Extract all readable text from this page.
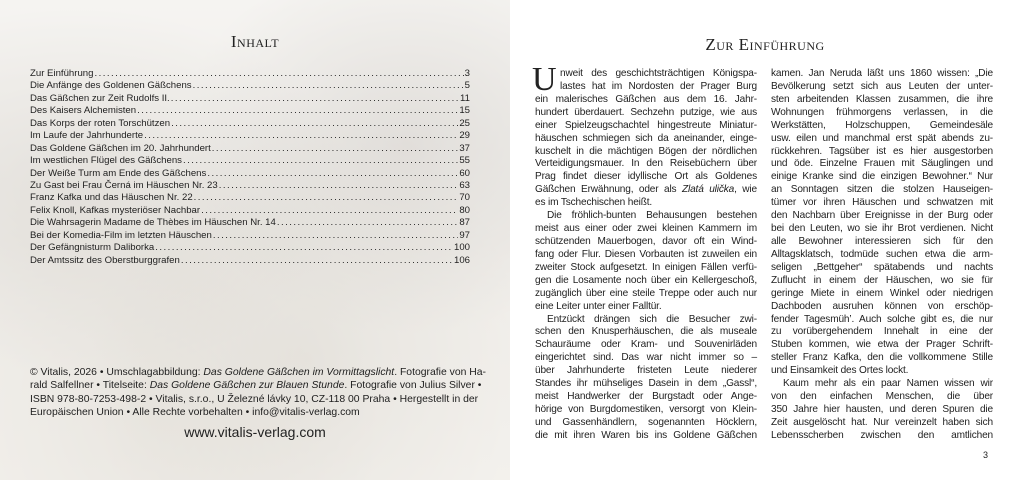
Inhalt
Zur Einführung . . .	3
Die Anfänge des Goldenen Gäßchens . . .	5
Das Gäßchen zur Zeit Rudolfs II. . . .	11
Des Kaisers Alchemisten . . .	15
Das Korps der roten Torschützen . . .	25
Im Laufe der Jahrhunderte . . .	29
Das Goldene Gäßchen im 20. Jahrhundert . . .	37
Im westlichen Flügel des Gäßchens . . .	55
Der Weiße Turm am Ende des Gäßchens . . .	60
Zu Gast bei Frau Černá im Häuschen Nr. 23 . . .	63
Franz Kafka und das Häuschen Nr. 22 . . .	70
Felix Knoll, Kafkas mysteriöser Nachbar . . .	80
Die Wahrsagerin Madame de Thèbes im Häuschen Nr. 14 . . .	87
Bei der Komedia-Film im letzten Häuschen . . .	97
Der Gefängnisturm Daliborka . . .	100
Der Amtssitz des Oberstburggrafen . . .	106
© Vitalis, 2026 • Umschlagabbildung: Das Goldene Gäßchen im Vormittagslicht. Fotografie von Ha-
rald Salfellner • Titelseite: Das Goldene Gäßchen zur Blauen Stunde. Fotografie von Julius Silver •
ISBN 978-80-7253-498-2 • Vitalis, s.r.o., U Železné lávky 10, CZ-118 00 Praha • Hergestellt in der
Europäischen Union • Alle Rechte vorbehalten • info@vitalis-verlag.com
www.vitalis-verlag.com
Zur Einführung
U nweit des geschichtsträchtigen Königspa-
lastes hat im Nordosten der Prager Burg
ein malerisches Gäßchen aus dem 16. Jahr-
hundert überdauert. Sechzehn putzige, wie aus
einer Spielzeugschachtel hingestreute Miniatur-
häuschen schmiegen sich da aneinander, einge-
kuschelt in die mächtigen Bögen der nördlichen
Verteidigungsmauer. In den Reisebüchern über
Prag findet dieser idyllische Ort als Goldenes
Gäßchen Erwähnung, oder als Zlatá ulička, wie
es im Tschechischen heißt.
Die fröhlich-bunten Behausungen bestehen
meist aus einer oder zwei kleinen Kammern im
schützenden Mauerbogen, davor oft ein Wind-
fang oder Flur. Diesen Vorbauten ist zuweilen ein
zweiter Stock aufgesetzt. In einigen Fällen verfü-
gen die Losamente noch über ein Kellergeschoß,
zugänglich über eine steile Treppe oder auch nur
eine Leiter unter einer Falltür.
Entzückt drängen sich die Besucher zwi-
schen den Knusperhäuschen, die als museale
Schauräume oder Kram- und Souvenirläden
eingerichtet sind. Das war nicht immer so –
über Jahrhunderte fristeten Leute niederer
Standes ihr mühseliges Dasein in dem „Gassl“,
meist Handwerker der Burgstadt oder Ange-
hörige von Burgdomestiken, versorgt von Klein-
und Gassenhändlern, sogenannten Höcklern,
die mit ihren Waren bis ins Goldene Gäßchen
kamen. Jan Neruda läßt uns 1860 wissen: „Die
Bevölkerung setzt sich aus Leuten der unter-
sten arbeitenden Klassen zusammen, die ihre
Wohnungen frühmorgens verlassen, in die
Werkstätten, Holzschuppen, Gemeindesäle
usw. eilen und manchmal erst spät abends zu-
rückkehren. Tagsüber ist es hier ausgestorben
und öde. Einzelne Frauen mit Säuglingen und
einige Kranke sind die einzigen Bewohner.“ Nur
an Sonntagen sitzen die stolzen Hauseigen-
tümer vor ihren Häuschen und schwatzen mit
den Nachbarn über Ereignisse in der Burg oder
bei den Leuten, wo sie ihr Brot verdienen. Nicht
alle Bewohner interessieren sich für den
Alltagsklatsch, todmüde suchen etwa die arm-
seligen „Bettgeher“ spätabends und nachts
Zuflucht in einem der Häuschen, wo sie für
geringe Miete in einem Winkel oder niedrigen
Dachboden ausruhen können von erschöp-
fender Tagesmüh’. Auch solche gibt es, die nur
zu vorübergehendem Innehalt in eine der
Stuben kommen, wie etwa der Prager Schrift-
steller Franz Kafka, den die vollkommene Stille
und Einsamkeit des Ortes lockt.
Kaum mehr als ein paar Namen wissen wir
von den einfachen Menschen, die über
350 Jahre hier hausten, und deren Spuren die
Zeit ausgelöscht hat. Nur vereinzelt haben sich
Lebensscherben zwischen den amtlichen
3
